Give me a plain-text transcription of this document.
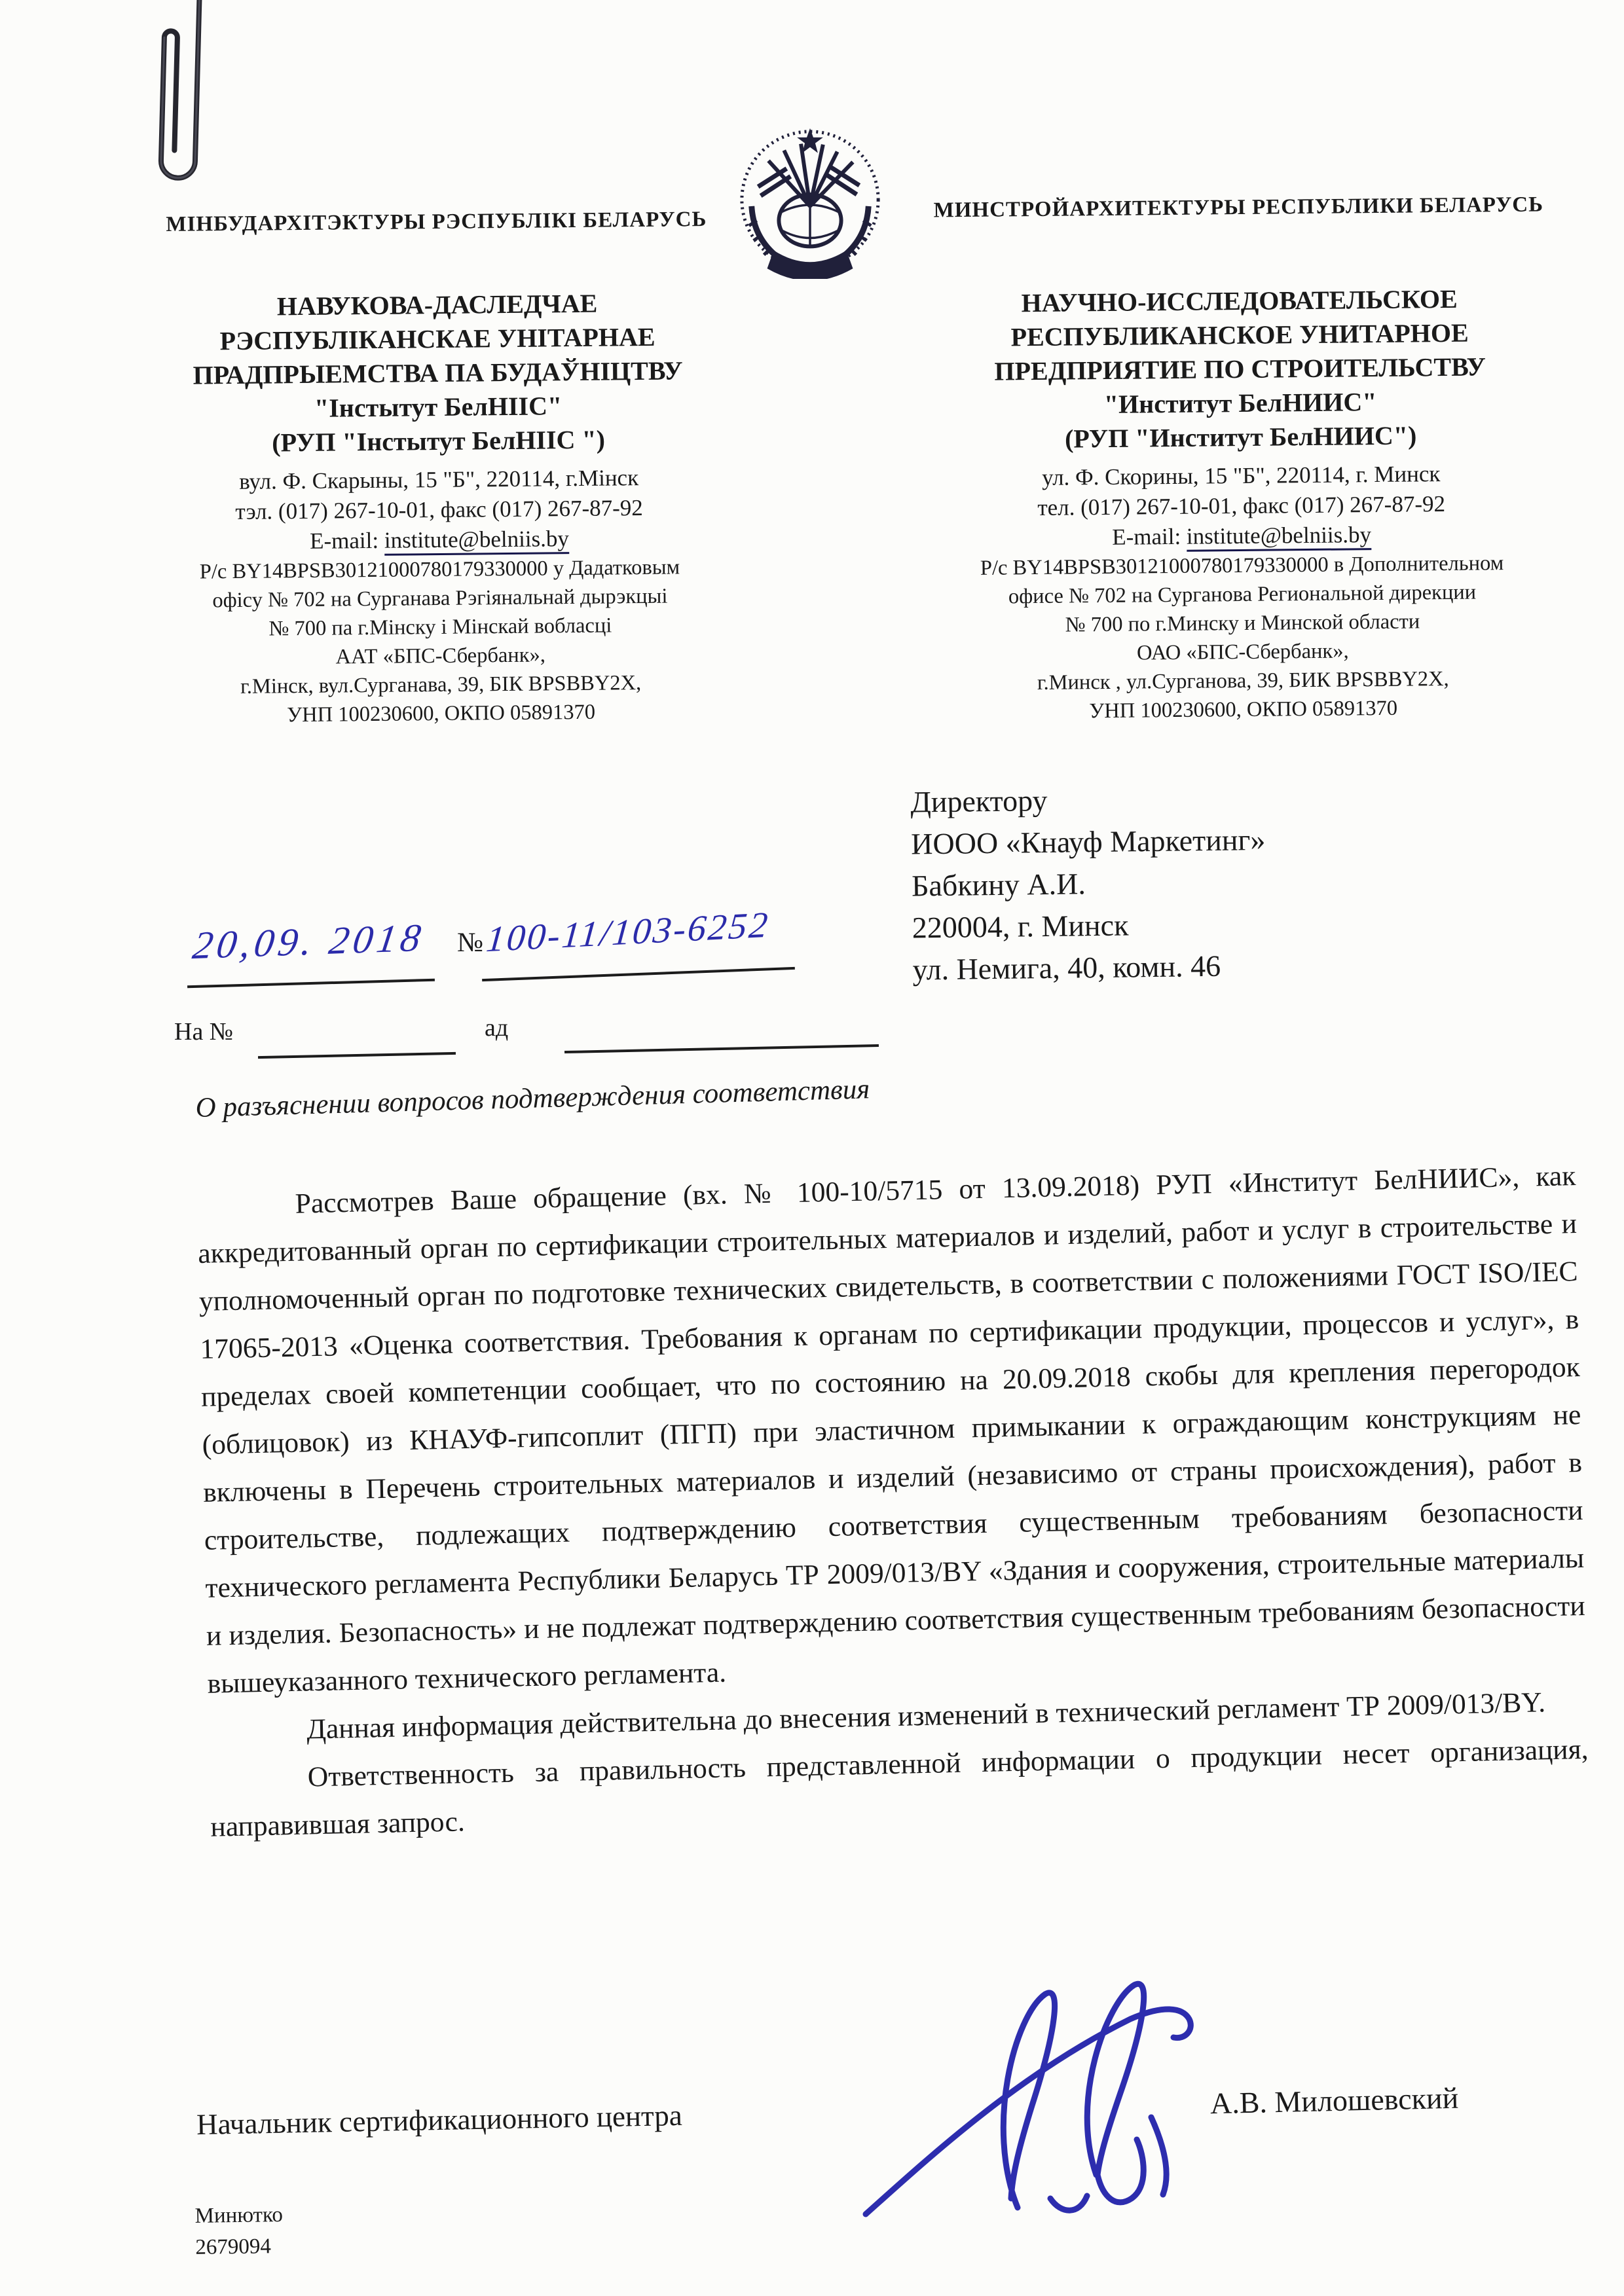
МІНБУДАРХІТЭКТУРЫ РЭСПУБЛІКІ БЕЛАРУСЬ
НАВУКОВА-ДАСЛЕДЧАЕ
РЭСПУБЛІКАНСКАЕ УНІТАРНАЕ
ПРАДПРЫЕМСТВА ПА БУДАЎНІЦТВУ
"Інстытут БелНІІС"
(РУП "Інстытут БелНІІС ")
вул. Ф. Скарыны, 15 "Б", 220114, г.Мінск
тэл. (017) 267-10-01, факс (017) 267-87-92
E-mail: institute@belniis.by
Р/с BY14BPSB30121000780179330000 у Дадатковым
офісу № 702 на Сурганава Рэгіянальнай дырэкцыі
№ 700 па г.Мінску і Мінскай вобласці
ААТ «БПС-Сбербанк»,
г.Мінск, вул.Сурганава, 39, БІК BPSBBY2X,
УНП 100230600, ОКПО 05891370
МИНСТРОЙАРХИТЕКТУРЫ РЕСПУБЛИКИ БЕЛАРУСЬ
НАУЧНО-ИССЛЕДОВАТЕЛЬСКОЕ
РЕСПУБЛИКАНСКОЕ УНИТАРНОЕ
ПРЕДПРИЯТИЕ ПО СТРОИТЕЛЬСТВУ
"Институт БелНИИС"
(РУП "Институт БелНИИС")
ул. Ф. Скорины, 15 "Б", 220114, г. Минск
тел. (017) 267-10-01, факс (017) 267-87-92
E-mail: institute@belniis.by
Р/с BY14BPSB30121000780179330000 в Дополнительном
офисе № 702 на Сурганова Региональной дирекции
№ 700 по г.Минску и Минской области
ОАО «БПС-Сбербанк»,
г.Минск , ул.Сурганова, 39, БИК BPSBBY2X,
УНП 100230600, ОКПО 05891370
Директору
ИООО «Кнауф Маркетинг»
Бабкину А.И.
220004, г. Минск
ул. Немига, 40, комн. 46
20,09. 2018 № 100-11/103-6252
На №	ад
О разъяснении вопросов подтверждения соответствия

Рассмотрев Ваше обращение (вх. № 100-10/5715 от 13.09.2018) РУП «Институт БелНИИС», как аккредитованный орган по сертификации строительных материалов и изделий, работ и услуг в строительстве и уполномоченный орган по подготовке технических свидетельств, в соответствии с положениями ГОСТ ISO/IEC 17065-2013 «Оценка соответствия. Требования к органам по сертификации продукции, процессов и услуг», в пределах своей компетенции сообщает, что по состоянию на 20.09.2018 скобы для крепления перегородок (облицовок) из КНАУФ-гипсоплит (ПГП) при эластичном примыкании к ограждающим конструкциям не включены в Перечень строительных материалов и изделий (независимо от страны происхождения), работ в строительстве, подлежащих подтверждению соответствия существенным требованиям безопасности технического регламента Республики Беларусь ТР 2009/013/BY «Здания и сооружения, строительные материалы и изделия. Безопасность» и не подлежат подтверждению соответствия существенным требованиям безопасности вышеуказанного технического регламента.

Данная информация действительна до внесения изменений в технический регламент ТР 2009/013/BY.

Ответственность за правильность представленной информации о продукции несет организация, направившая запрос.

Начальник сертификационного центра	А.В. Милошевский
Минютко
2679094
